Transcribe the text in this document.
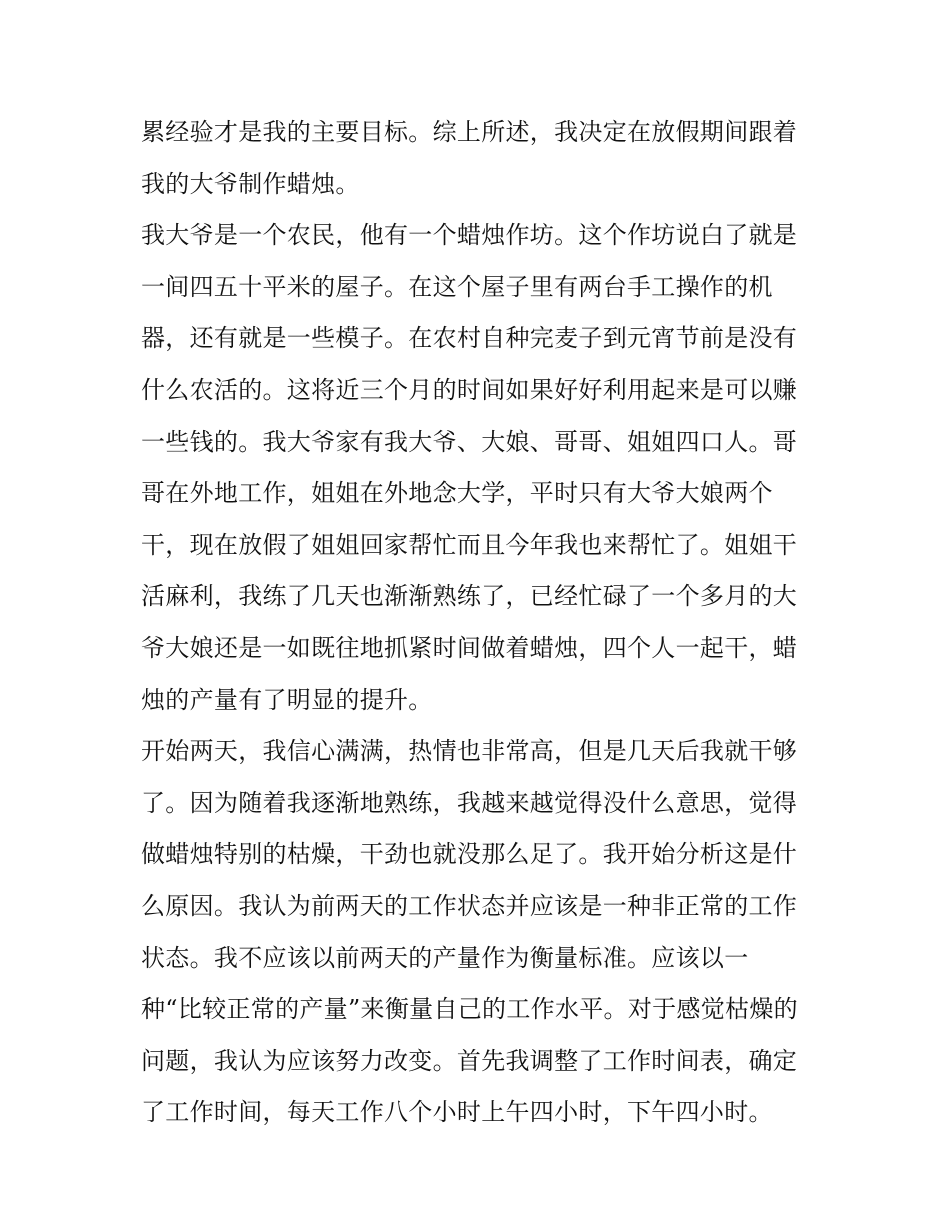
累经验才是我的主要目标。综上所述，我决定在放假期间跟着
我的大爷制作蜡烛。
我大爷是一个农民，他有一个蜡烛作坊。这个作坊说白了就是
一间四五十平米的屋子。在这个屋子里有两台手工操作的机
器，还有就是一些模子。在农村自种完麦子到元宵节前是没有
什么农活的。这将近三个月的时间如果好好利用起来是可以赚
一些钱的。我大爷家有我大爷、大娘、哥哥、姐姐四口人。哥
哥在外地工作，姐姐在外地念大学，平时只有大爷大娘两个
干，现在放假了姐姐回家帮忙而且今年我也来帮忙了。姐姐干
活麻利，我练了几天也渐渐熟练了，已经忙碌了一个多月的大
爷大娘还是一如既往地抓紧时间做着蜡烛，四个人一起干，蜡
烛的产量有了明显的提升。
开始两天，我信心满满，热情也非常高，但是几天后我就干够
了。因为随着我逐渐地熟练，我越来越觉得没什么意思，觉得
做蜡烛特别的枯燥，干劲也就没那么足了。我开始分析这是什
么原因。我认为前两天的工作状态并应该是一种非正常的工作
状态。我不应该以前两天的产量作为衡量标准。应该以一
种“比较正常的产量”来衡量自己的工作水平。对于感觉枯燥的
问题，我认为应该努力改变。首先我调整了工作时间表，确定
了工作时间，每天工作八个小时上午四小时，下午四小时。
